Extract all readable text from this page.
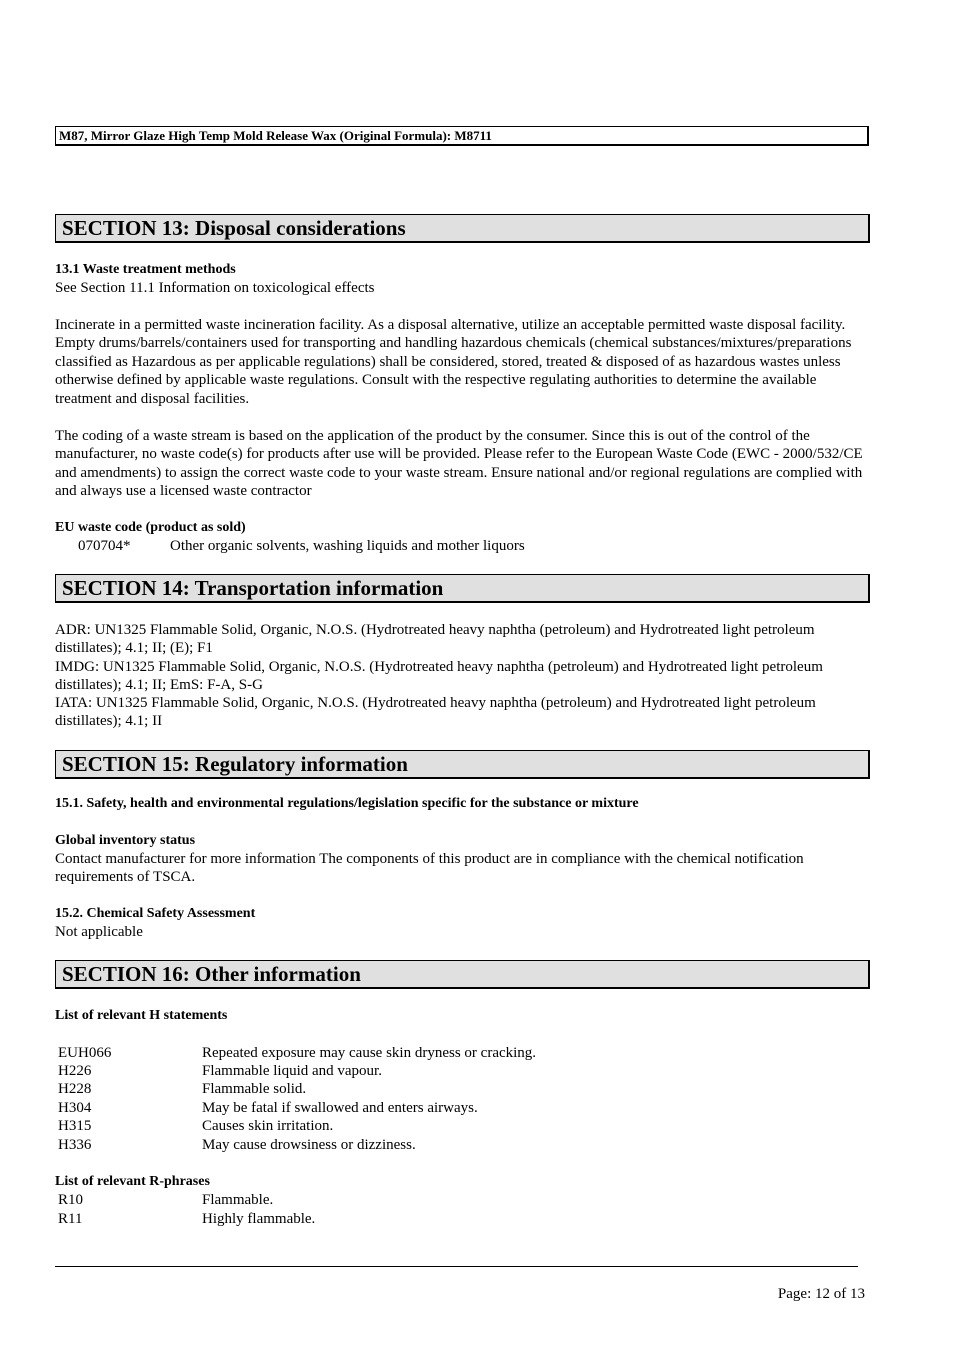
M87, Mirror Glaze High Temp Mold Release Wax (Original Formula): M8711
SECTION 13: Disposal considerations
13.1 Waste treatment methods
See Section 11.1 Information on toxicological effects
Incinerate in a permitted waste incineration facility. As a disposal alternative, utilize an acceptable permitted waste disposal facility. Empty drums/barrels/containers used for transporting and handling hazardous chemicals (chemical substances/mixtures/preparations classified as Hazardous as per applicable regulations) shall be considered, stored, treated & disposed of as hazardous wastes unless otherwise defined by applicable waste regulations. Consult with the respective regulating authorities to determine the available treatment and disposal facilities.
The coding of a waste stream is based on the application of the product by the consumer. Since this is out of the control of the manufacturer, no waste code(s) for products after use will be provided. Please refer to the European Waste Code (EWC - 2000/532/CE and amendments) to assign the correct waste code to your waste stream. Ensure national and/or regional regulations are complied with and always use a licensed waste contractor
EU waste code (product as sold)
070704*	Other organic solvents, washing liquids and mother liquors
SECTION 14: Transportation information
ADR: UN1325 Flammable Solid, Organic, N.O.S. (Hydrotreated heavy naphtha (petroleum) and Hydrotreated light petroleum distillates); 4.1; II; (E); F1
IMDG: UN1325 Flammable Solid, Organic, N.O.S. (Hydrotreated heavy naphtha (petroleum) and Hydrotreated light petroleum distillates); 4.1; II; EmS: F-A, S-G
IATA: UN1325 Flammable Solid, Organic, N.O.S. (Hydrotreated heavy naphtha (petroleum) and Hydrotreated light petroleum distillates); 4.1; II
SECTION 15: Regulatory information
15.1. Safety, health and environmental regulations/legislation specific for the substance or mixture
Global inventory status
Contact manufacturer for more information The components of this product are in compliance with the chemical notification requirements of TSCA.
15.2. Chemical Safety Assessment
Not applicable
SECTION 16: Other information
List of relevant H statements
EUH066	Repeated exposure may cause skin dryness or cracking.
H226	Flammable liquid and vapour.
H228	Flammable solid.
H304	May be fatal if swallowed and enters airways.
H315	Causes skin irritation.
H336	May cause drowsiness or dizziness.
List of relevant R-phrases
R10	Flammable.
R11	Highly flammable.
Page: 12 of 13
